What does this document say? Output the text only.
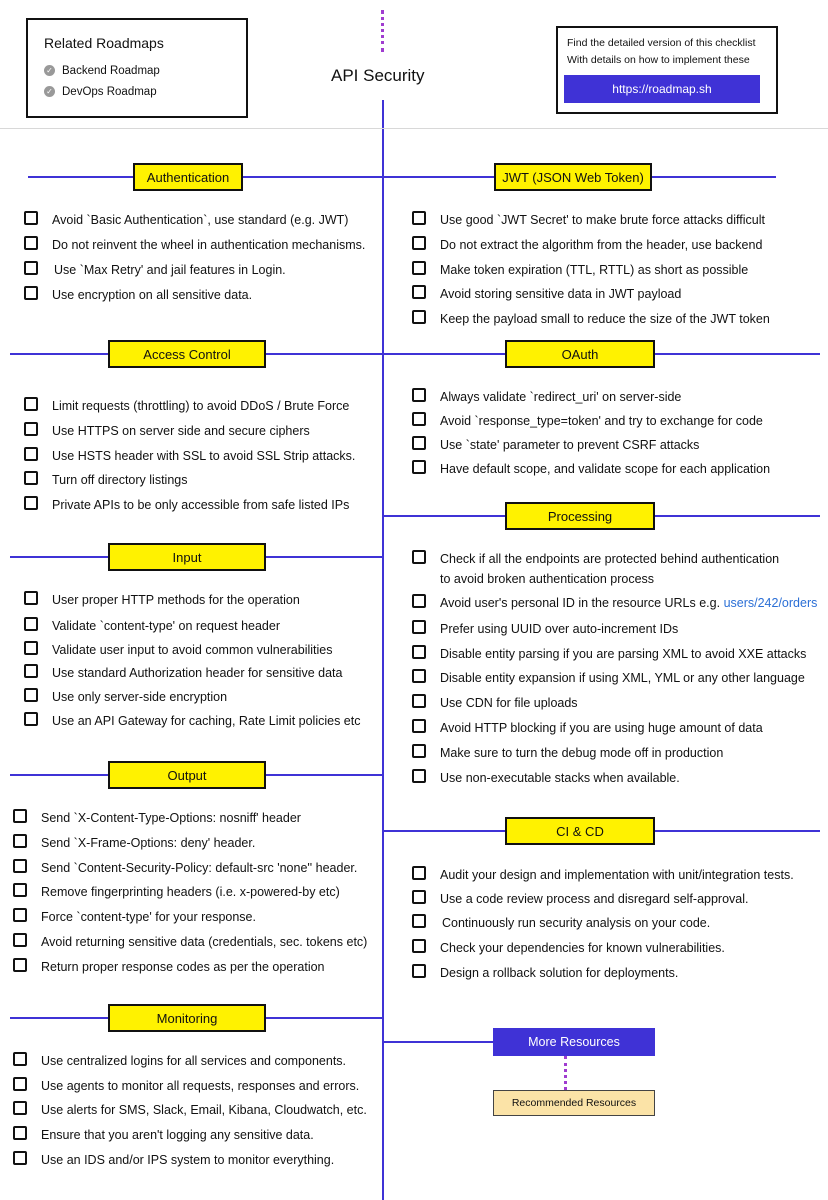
Related Roadmaps
✓ Backend Roadmap
✓ DevOps Roadmap
API Security
Find the detailed version of this checklist
With details on how to implement these
https://roadmap.sh
Authentication	JWT (JSON Web Token)
Access Control	OAuth
Processing
Input
Output
CI & CD
Monitoring
More Resources
Recommended Resources
Avoid `Basic Authentication`, use standard (e.g. JWT)
Do not reinvent the wheel in authentication mechanisms.
Use `Max Retry' and jail features in Login.
Use encryption on all sensitive data.
Use good `JWT Secret' to make brute force attacks difficult
Do not extract the algorithm from the header, use backend
Make token expiration (TTL, RTTL) as short as possible
Avoid storing sensitive data in JWT payload
Keep the payload small to reduce the size of the JWT token
Limit requests (throttling) to avoid DDoS / Brute Force
Use HTTPS on server side and secure ciphers
Use HSTS header with SSL to avoid SSL Strip attacks.
Turn off directory listings
Private APIs to be only accessible from safe listed IPs
Always validate `redirect_uri' on server-side
Avoid `response_type=token' and try to exchange for code
Use `state' parameter to prevent CSRF attacks
Have default scope, and validate scope for each application
User proper HTTP methods for the operation
Validate `content-type' on request header
Validate user input to avoid common vulnerabilities
Use standard Authorization header for sensitive data
Use only server-side encryption
Use an API Gateway for caching, Rate Limit policies etc
Check if all the endpoints are protected behind authentication
to avoid broken authentication process
Avoid user's personal ID in the resource URLs e.g. users/242/orders
Prefer using UUID over auto-increment IDs
Disable entity parsing if you are parsing XML to avoid XXE attacks
Disable entity expansion if using XML, YML or any other language
Use CDN for file uploads
Avoid HTTP blocking if you are using huge amount of data
Make sure to turn the debug mode off in production
Use non-executable stacks when available.
Send `X-Content-Type-Options: nosniff' header
Send `X-Frame-Options: deny' header.
Send `Content-Security-Policy: default-src 'none'' header.
Remove fingerprinting headers (i.e. x-powered-by etc)
Force `content-type' for your response.
Avoid returning sensitive data (credentials, sec. tokens etc)
Return proper response codes as per the operation
Audit your design and implementation with unit/integration tests.
Use a code review process and disregard self-approval.
Continuously run security analysis on your code.
Check your dependencies for known vulnerabilities.
Design a rollback solution for deployments.
Use centralized logins for all services and components.
Use agents to monitor all requests, responses and errors.
Use alerts for SMS, Slack, Email, Kibana, Cloudwatch, etc.
Ensure that you aren't logging any sensitive data.
Use an IDS and/or IPS system to monitor everything.
